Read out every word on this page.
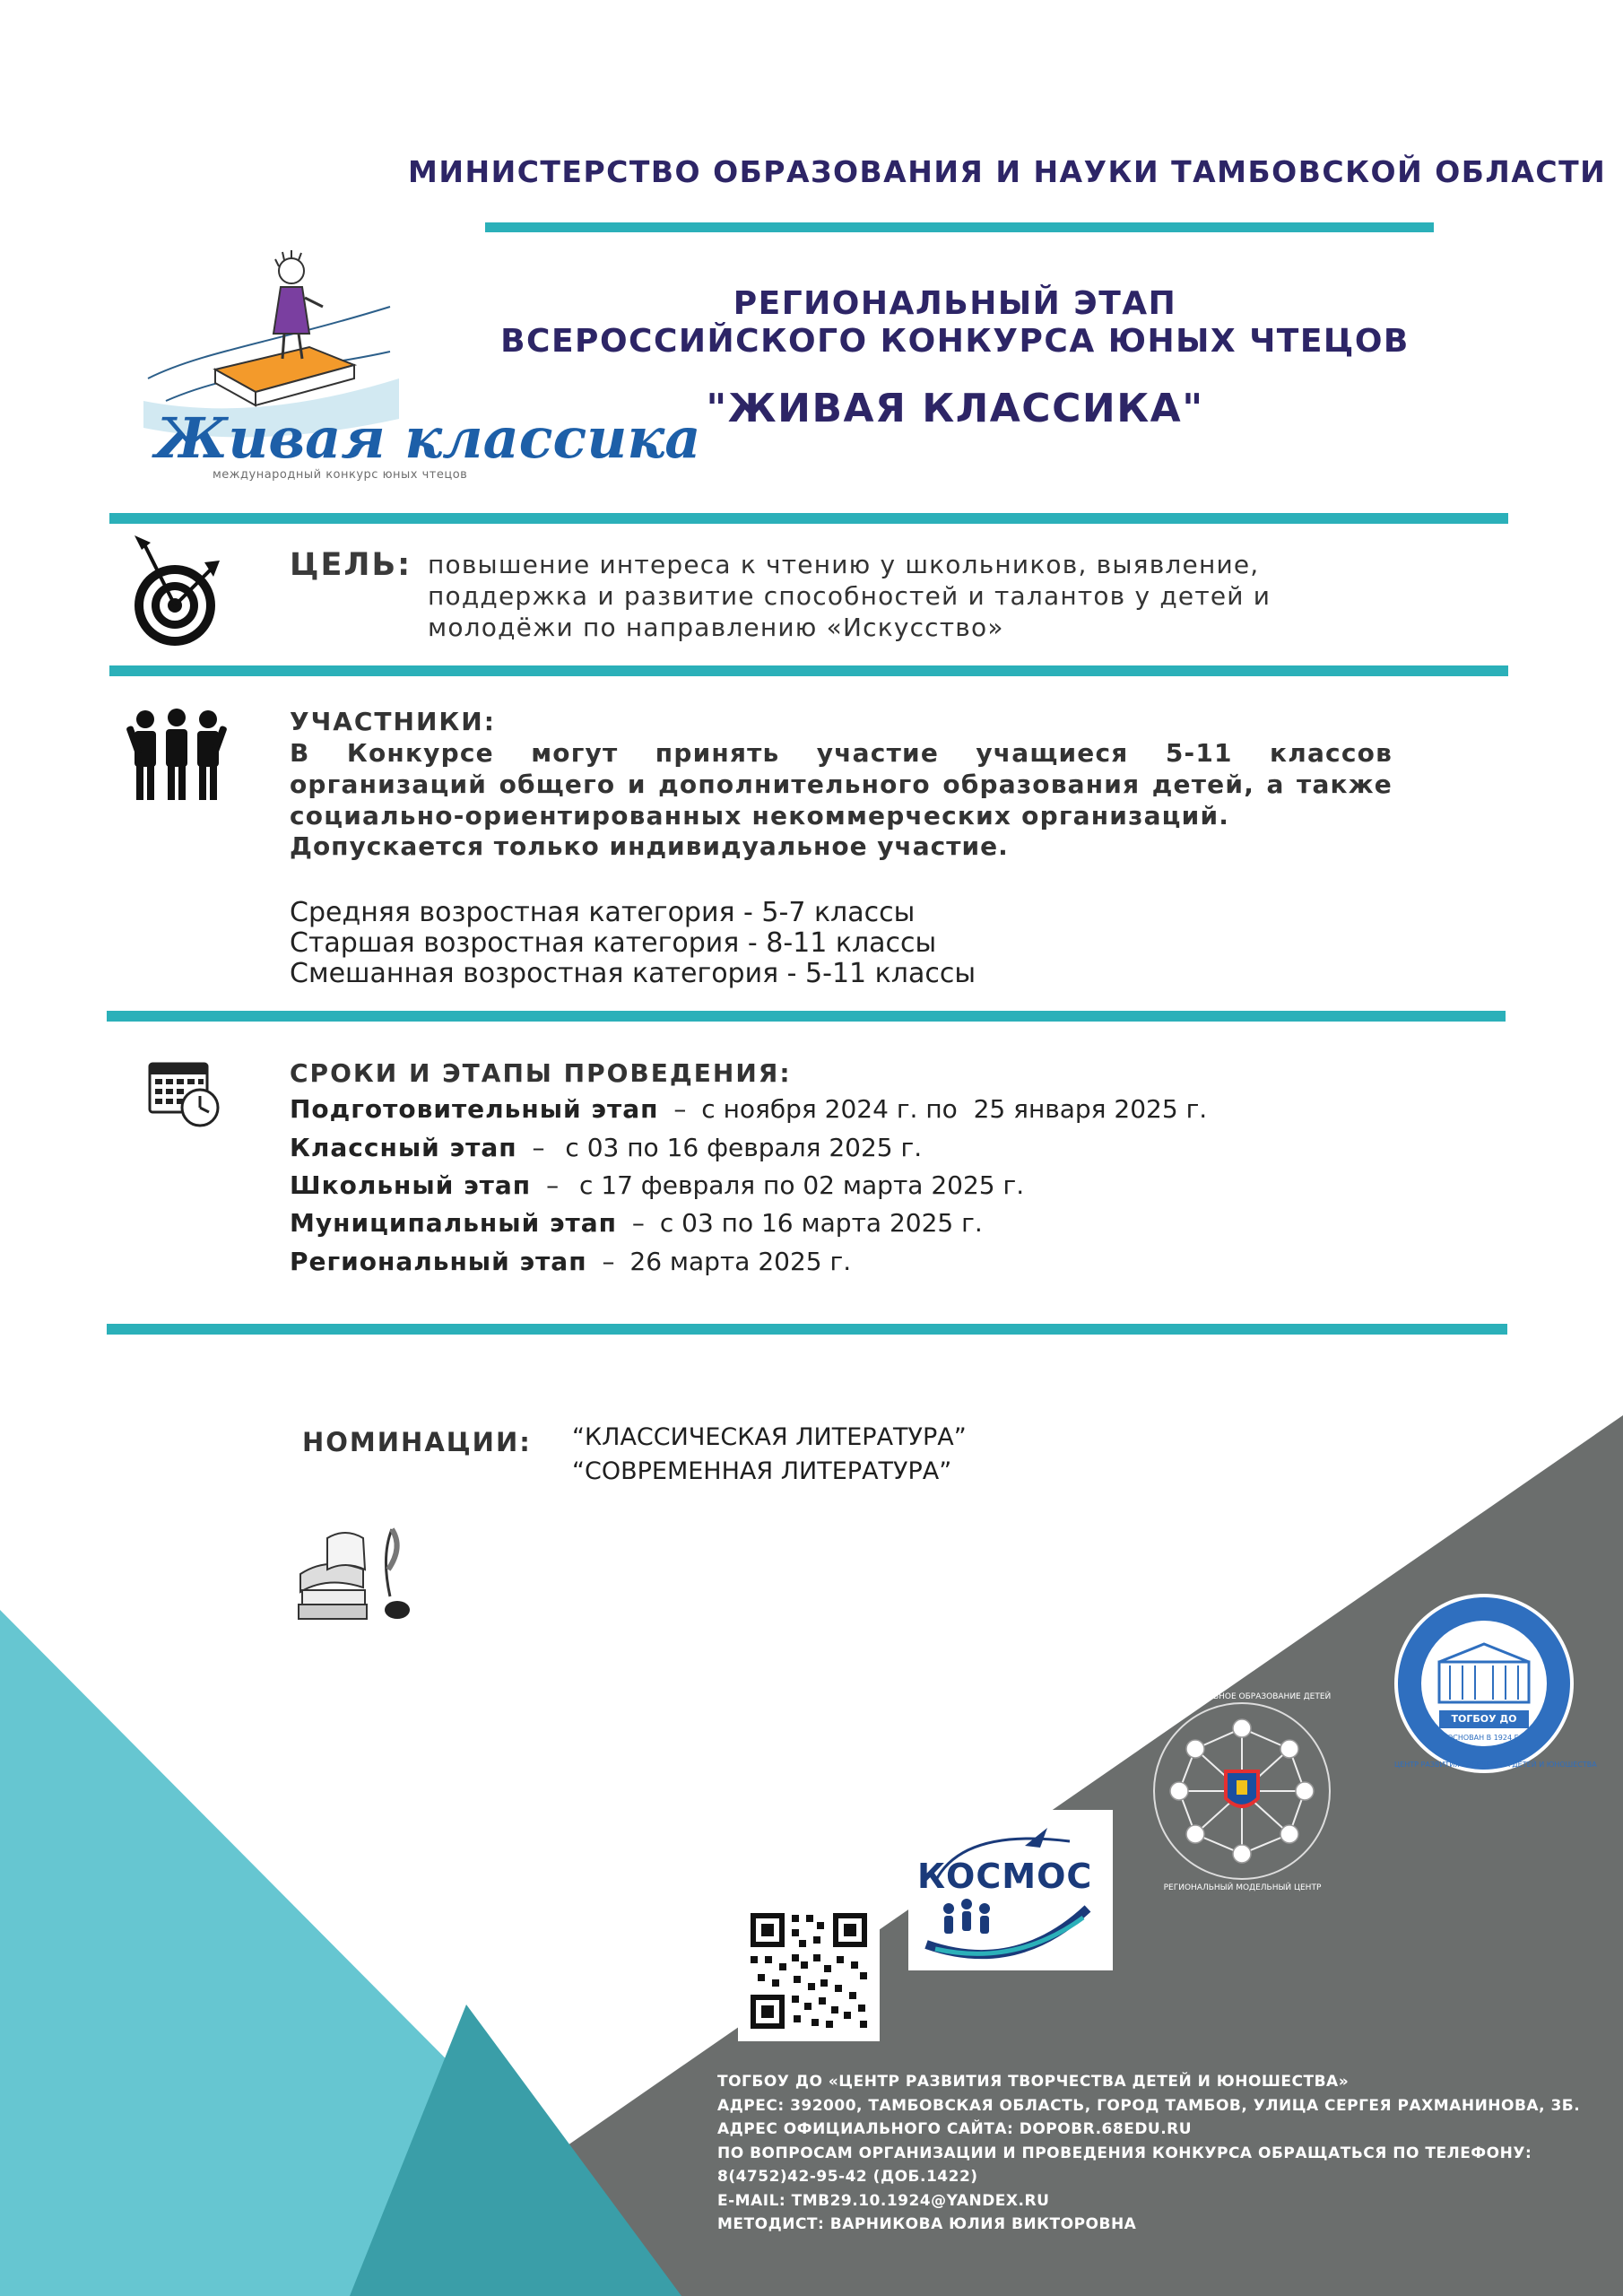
МИНИСТЕРСТВО ОБРАЗОВАНИЯ И НАУКИ ТАМБОВСКОЙ ОБЛАСТИ
Живая классика
международный конкурс юных чтецов
РЕГИОНАЛЬНЫЙ ЭТАП
ВСЕРОССИЙСКОГО КОНКУРСА ЮНЫХ ЧТЕЦОВ
"ЖИВАЯ КЛАССИКА"
ЦЕЛЬ: повышение интереса к чтению у школьников, выявление,
поддержка и развитие способностей и талантов у детей и
молодёжи по направлению «Искусство»
УЧАСТНИКИ:
В Конкурсе могут принять участие учащиеся 5-11 классов организаций общего и дополнительного образования детей, а также социально-ориентированных некоммерческих организаций.
Допускается только индивидуальное участие.
Средняя возростная категория - 5-7 классы
Старшая возростная категория - 8-11 классы
Смешанная возростная категория - 5-11 классы
СРОКИ И ЭТАПЫ ПРОВЕДЕНИЯ:
Подготовительный этап – с ноября 2024 г. по  25 января 2025 г.
Классный этап – с 03 по 16 февраля 2025 г.
Школьный этап – с 17 февраля по 02 марта 2025 г.
Муниципальный этап – с 03 по 16 марта 2025 г.
Региональный этап – 26 марта 2025 г.
НОМИНАЦИИ: “КЛАССИЧЕСКАЯ ЛИТЕРАТУРА”
“СОВРЕМЕННАЯ ЛИТЕРАТУРА”
ТОГБОУ ДО
ОСНОВАН В 1924 Г.
ЦЕНТР РАЗВИТИЯ ТВОРЧЕСТВА ДЕТЕЙ И ЮНОШЕСТВА
ДОПОЛНИТЕЛЬНОЕ ОБРАЗОВАНИЕ ДЕТЕЙ
РЕГИОНАЛЬНЫЙ МОДЕЛЬНЫЙ ЦЕНТР
КОСМОС
ТОГБОУ ДО «ЦЕНТР РАЗВИТИЯ ТВОРЧЕСТВА ДЕТЕЙ И ЮНОШЕСТВА»
АДРЕС: 392000, ТАМБОВСКАЯ ОБЛАСТЬ, ГОРОД ТАМБОВ, УЛИЦА СЕРГЕЯ РАХМАНИНОВА, 3Б.
АДРЕС ОФИЦИАЛЬНОГО САЙТА: DOPOBR.68EDU.RU
ПО ВОПРОСАМ ОРГАНИЗАЦИИ И ПРОВЕДЕНИЯ КОНКУРСА ОБРАЩАТЬСЯ ПО ТЕЛЕФОНУ:
8(4752)42-95-42 (ДОБ.1422)
E-MAIL: TMB29.10.1924@YANDEX.RU
МЕТОДИСТ: ВАРНИКОВА ЮЛИЯ ВИКТОРОВНА
